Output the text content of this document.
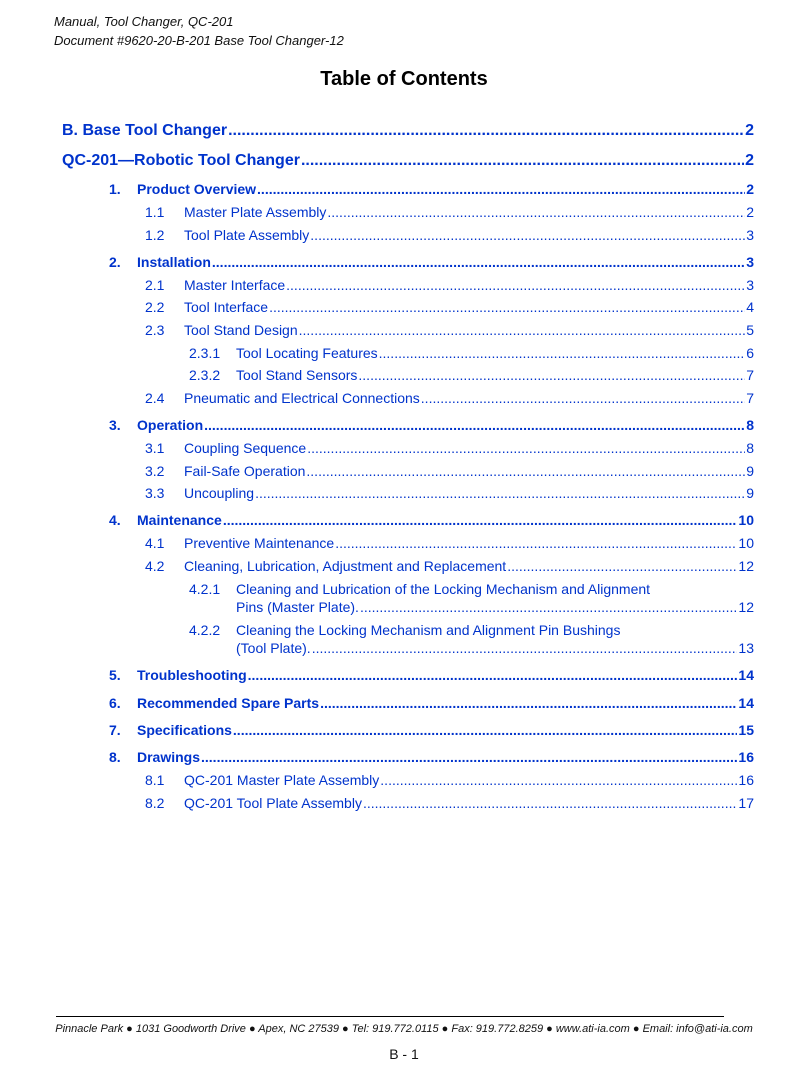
Manual, Tool Changer, QC-201
Document #9620-20-B-201 Base Tool Changer-12
Table of Contents
B. Base Tool Changer .....	2
QC-201—Robotic Tool Changer .....	2
1.	Product Overview .....	2
1.1	Master Plate Assembly .....	2
1.2	Tool Plate Assembly .....	3
2.	Installation .....	3
2.1	Master Interface .....	3
2.2	Tool Interface .....	4
2.3	Tool Stand Design .....	5
2.3.1	Tool Locating Features .....	6
2.3.2	Tool Stand Sensors .....	7
2.4	Pneumatic and Electrical Connections .....	7
3.	Operation .....	8
3.1	Coupling Sequence .....	8
3.2	Fail-Safe Operation .....	9
3.3	Uncoupling .....	9
4.	Maintenance .....	10
4.1	Preventive Maintenance .....	10
4.2	Cleaning, Lubrication, Adjustment and Replacement .....	12
4.2.1 Cleaning and Lubrication of the Locking Mechanism and Alignment
Pins (Master Plate). .....	12
4.2.2 Cleaning the Locking Mechanism and Alignment Pin Bushings
(Tool Plate). .....	13
5.	Troubleshooting .....	14
6.	Recommended Spare Parts .....	14
7.	Specifications .....	15
8.	Drawings .....	16
8.1	QC-201 Master Plate Assembly .....	16
8.2	QC-201 Tool Plate Assembly .....	17
Pinnacle Park ● 1031 Goodworth Drive ● Apex, NC 27539 ● Tel: 919.772.0115 ● Fax: 919.772.8259 ● www.ati-ia.com ● Email: info@ati-ia.com
B - 1
